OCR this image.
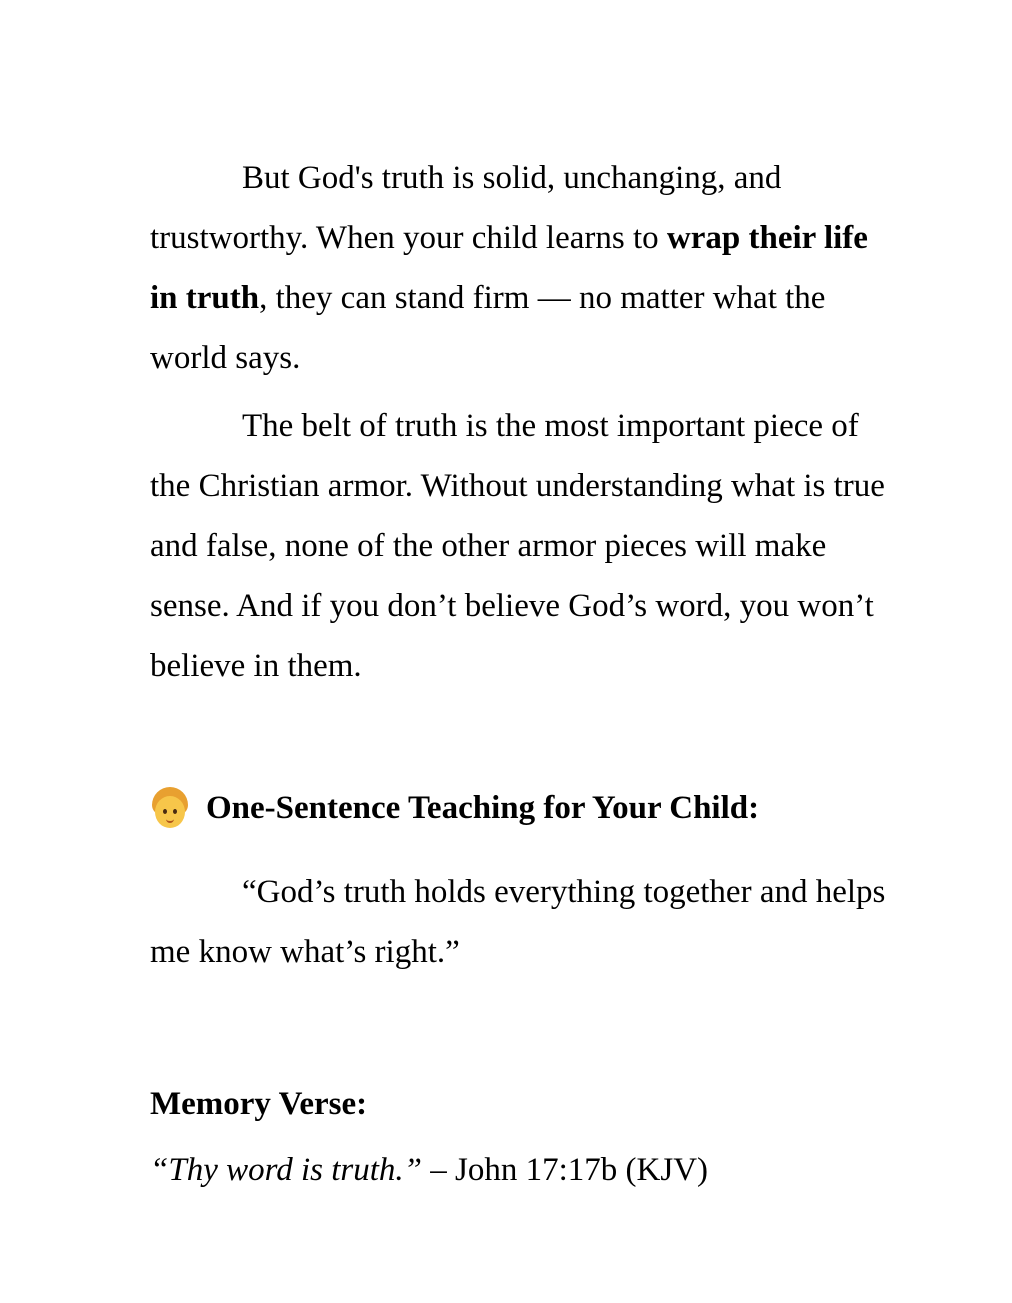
But God's truth is solid, unchanging, and trustworthy. When your child learns to wrap their life in truth, they can stand firm — no matter what the world says.

The belt of truth is the most important piece of the Christian armor. Without understanding what is true and false, none of the other armor pieces will make sense. And if you don’t believe God’s word, you won’t believe in them.

One-Sentence Teaching for Your Child:

“God’s truth holds everything together and helps me know what’s right.”

Memory Verse:
“Thy word is truth.” – John 17:17b (KJV)
